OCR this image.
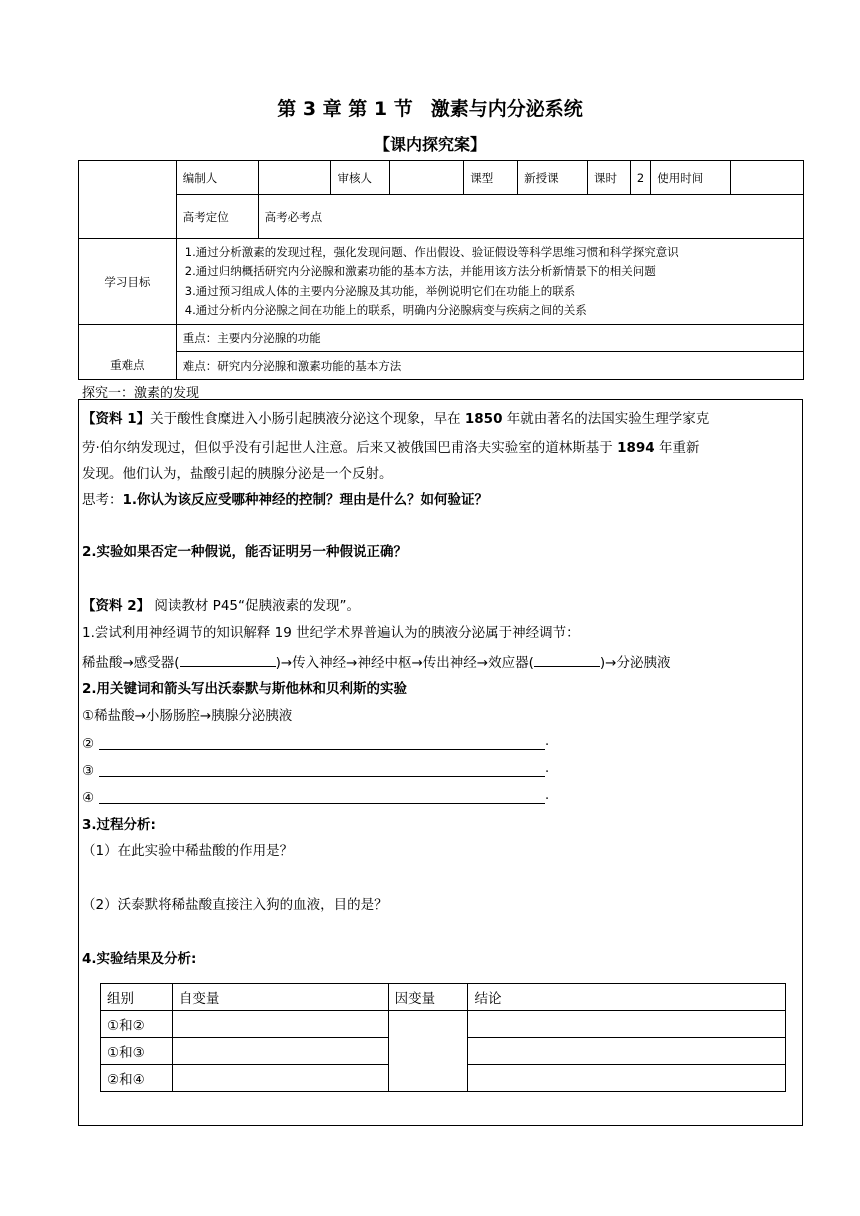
第 3 章 第 1 节 激素与内分泌系统
【课内探究案】
	编制人		审核人		课型	新授课	课时	2	使用时间	
	高考定位	高考必考点								
学习目标	1.通过分析激素的发现过程，强化发现问题、作出假设、验证假设等科学思维习惯和科学探究意识
2.通过归纳概括研究内分泌腺和激素功能的基本方法，并能用该方法分析新情景下的相关问题
3.通过预习组成人体的主要内分泌腺及其功能，举例说明它们在功能上的联系
4.通过分析内分泌腺之间在功能上的联系，明确内分泌腺病变与疾病之间的关系									

重难点	重点：主要内分泌腺的功能									
	难点：研究内分泌腺和激素功能的基本方法									
探究一：激素的发现
【资料 1】关于酸性食糜进入小肠引起胰液分泌这个现象，早在 1850 年就由著名的法国实验生理学家克
劳·伯尔纳发现过，但似乎没有引起世人注意。后来又被俄国巴甫洛夫实验室的道林斯基于 1894 年重新
发现。他们认为，盐酸引起的胰腺分泌是一个反射。
思考：1.你认为该反应受哪种神经的控制？理由是什么？如何验证？
2.实验如果否定一种假说，能否证明另一种假说正确？
【资料 2】 阅读教材 P45“促胰液素的发现”。
1.尝试利用神经调节的知识解释 19 世纪学术界普遍认为的胰液分泌属于神经调节：
稀盐酸→感受器(	)→传入神经→神经中枢→传出神经→效应器(	)→分泌胰液
2.用关键词和箭头写出沃泰默与斯他林和贝利斯的实验
①稀盐酸→小肠肠腔→胰腺分泌胰液
②	.
③	.
④	.
3.过程分析:
（1）在此实验中稀盐酸的作用是？
（2）沃泰默将稀盐酸直接注入狗的血液，目的是？
4.实验结果及分析:
组别	自变量	因变量	结论
①和②			
①和③			
②和④			
